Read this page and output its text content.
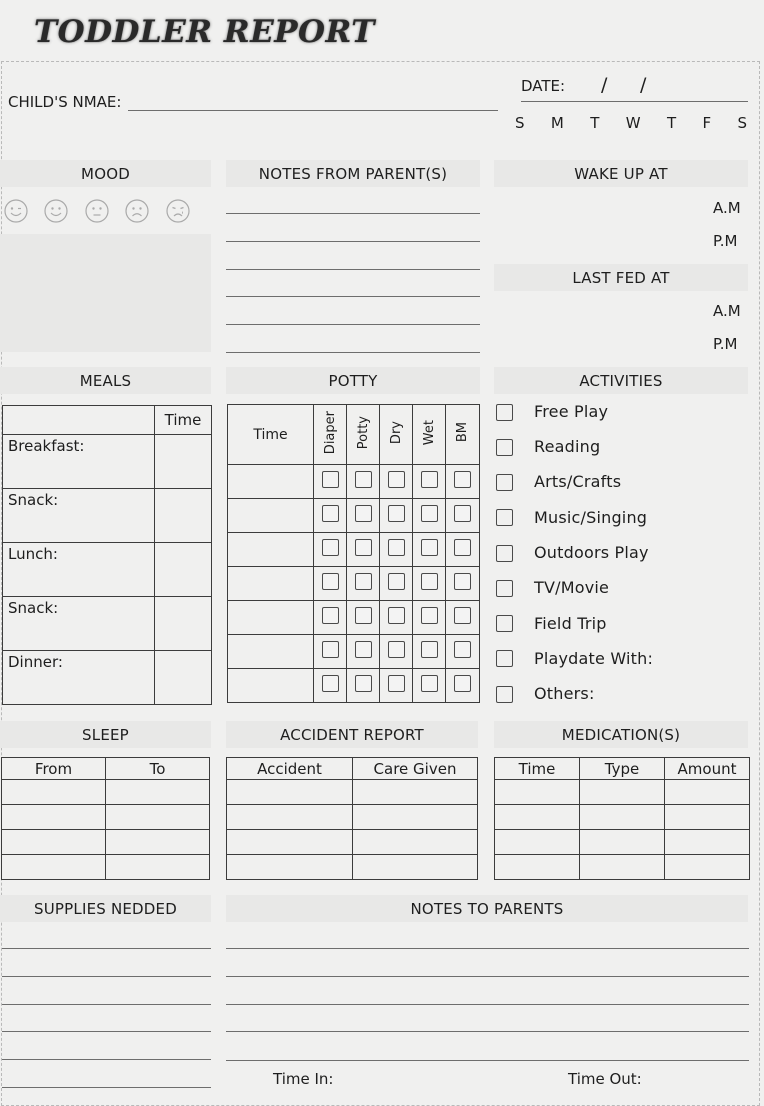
TODDLER REPORT
CHILD'S NMAE:
DATE: / /
S M T W T F S
MOOD	NOTES FROM PARENT(S)	WAKE UP AT
A.M
P.M
LAST FED AT
A.M
P.M
MEALS
	Time
Breakfast:	
Snack:	
Lunch:	
Snack:	
Dinner:	
POTTY
Time	Diaper	Potty	Dry	Wet	BM

ACTIVITIES
Free Play
Reading
Arts/Crafts
Music/Singing
Outdoors Play
TV/Movie
Field Trip
Playdate With:
Others:
SLEEP
From	To

ACCIDENT REPORT
Accident	Care Given

MEDICATION(S)
Time	Type	Amount

SUPPLIES NEDDED	NOTES TO PARENTS
Time In:	Time Out:
